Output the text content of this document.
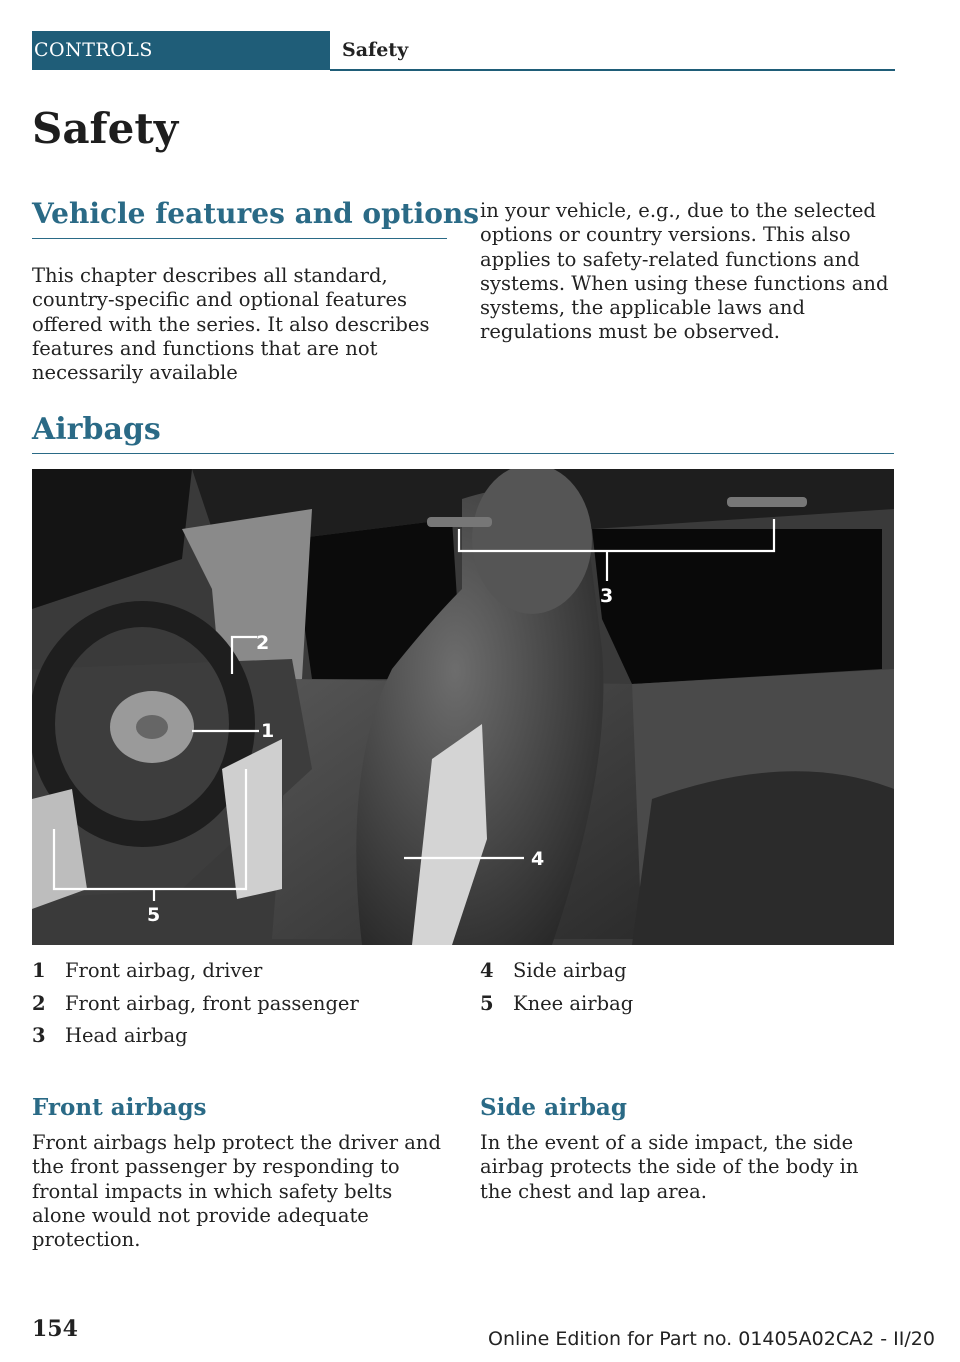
CONTROLS	Safety
Safety
Vehicle features and options

This chapter describes all standard, country-specific and optional features offered with the series. It also describes features and functions that are not necessarily available

in your vehicle, e.g., due to the selected options or country versions. This also applies to safety-related functions and systems. When using these functions and systems, the applicable laws and regulations must be observed.

Airbags
1
2
3
4
5
1 Front airbag, driver
2 Front airbag, front passenger
3 Head airbag
4 Side airbag
5 Knee airbag
Front airbags

Front airbags help protect the driver and the front passenger by responding to frontal impacts in which safety belts alone would not provide adequate protection.

Side airbag

In the event of a side impact, the side airbag protects the side of the body in the chest and lap area.

154	Online Edition for Part no. 01405A02CA2 - II/20
